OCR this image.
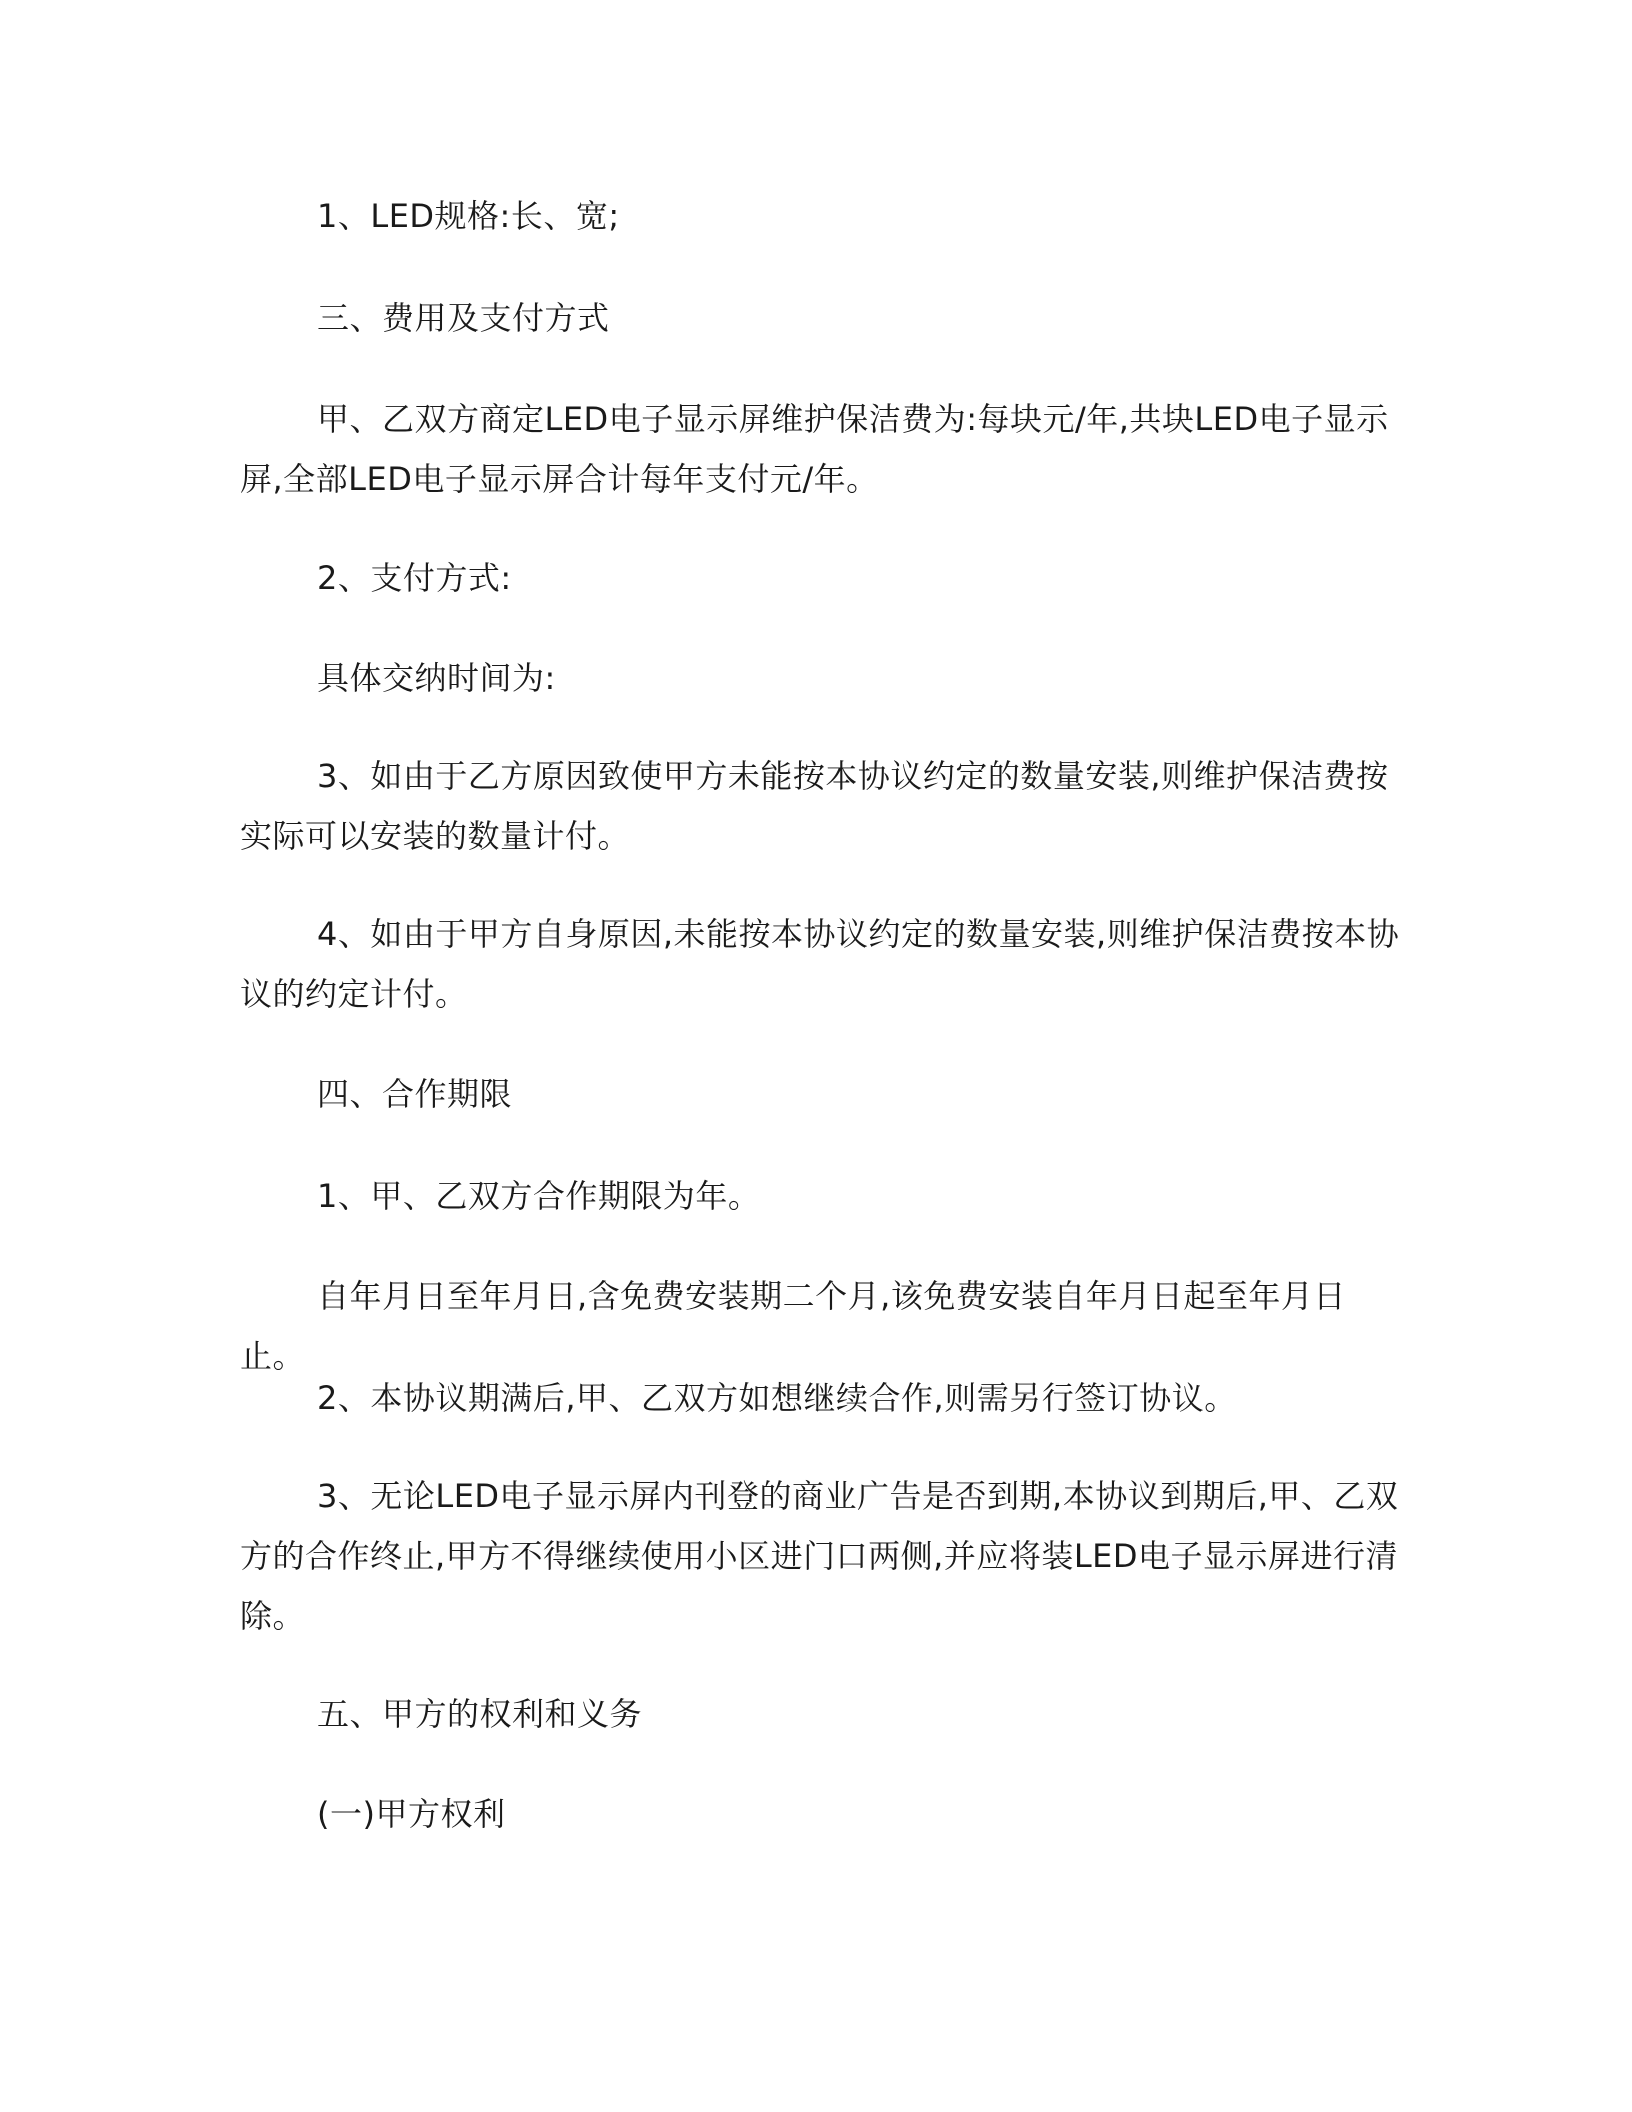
1、LED规格:长、宽;

三、费用及支付方式

甲、乙双方商定LED电子显示屏维护保洁费为:每块元/年,共块LED电子显示屏,全部LED电子显示屏合计每年支付元/年。

2、支付方式:

具体交纳时间为:

3、如由于乙方原因致使甲方未能按本协议约定的数量安装,则维护保洁费按实际可以安装的数量计付。

4、如由于甲方自身原因,未能按本协议约定的数量安装,则维护保洁费按本协议的约定计付。

四、合作期限

1、甲、乙双方合作期限为年。

自年月日至年月日,含免费安装期二个月,该免费安装自年月日起至年月日止。

2、本协议期满后,甲、乙双方如想继续合作,则需另行签订协议。

3、无论LED电子显示屏内刊登的商业广告是否到期,本协议到期后,甲、乙双方的合作终止,甲方不得继续使用小区进门口两侧,并应将装LED电子显示屏进行清除。

五、甲方的权利和义务

(一)甲方权利
